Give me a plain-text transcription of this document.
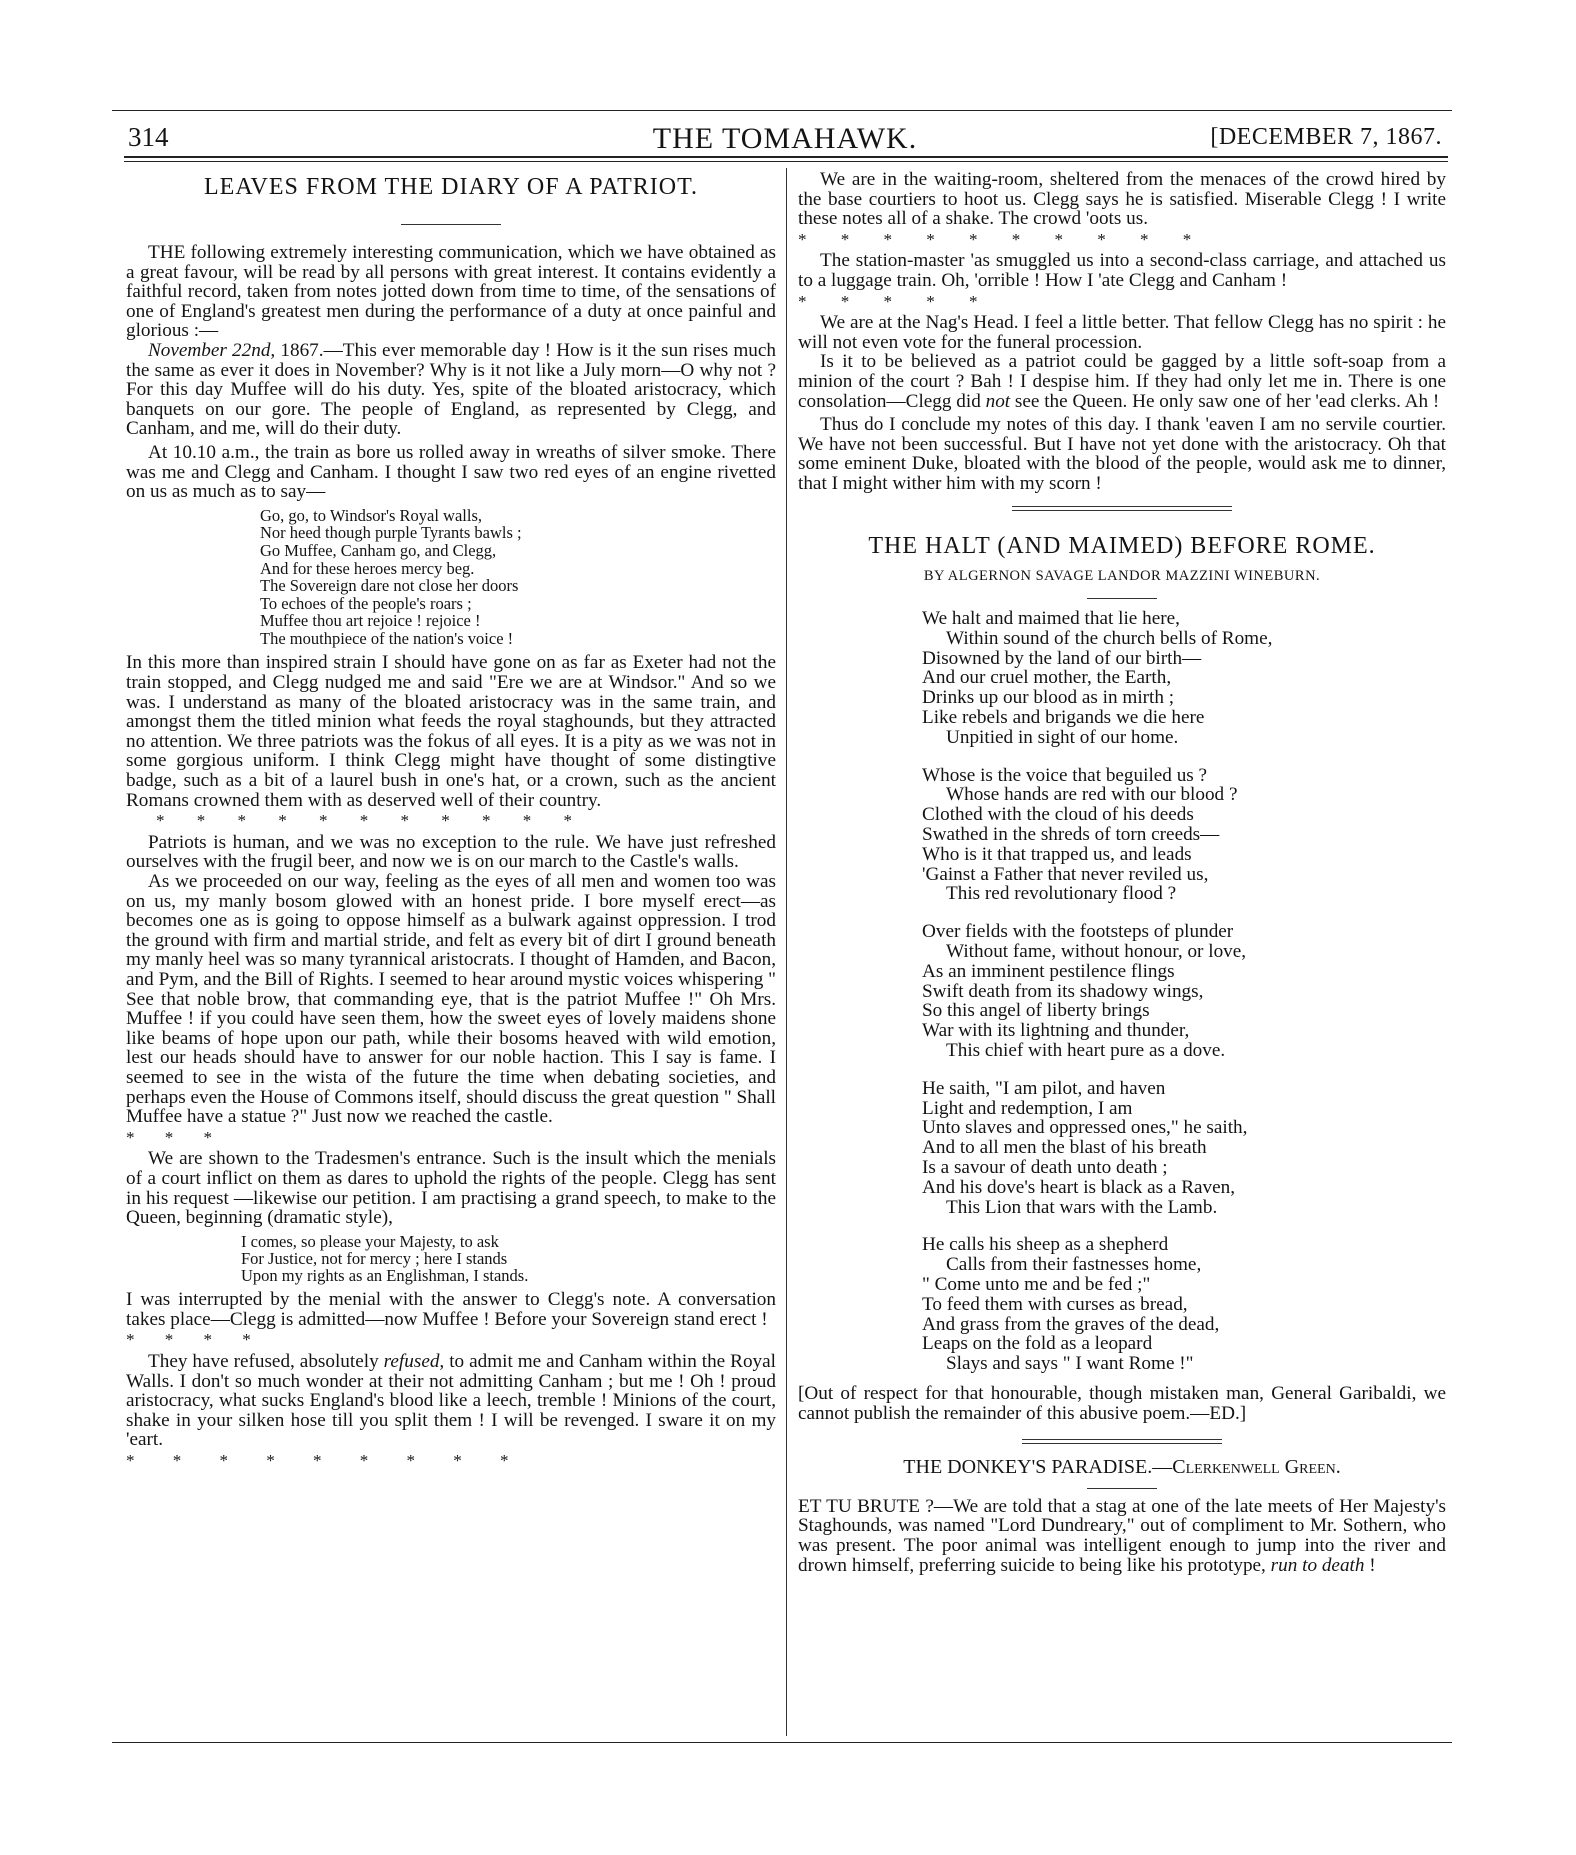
314	THE TOMAHAWK.	[DECEMBER 7, 1867.
LEAVES FROM THE DIARY OF A PATRIOT.

THE following extremely interesting communication, which we have obtained as a great favour, will be read by all persons with great interest. It contains evidently a faithful record, taken from notes jotted down from time to time, of the sensations of one of England's greatest men during the performance of a duty at once painful and glorious :—

November 22nd, 1867.—This ever memorable day ! How is it the sun rises much the same as ever it does in November? Why is it not like a July morn—O why not ? For this day Muffee will do his duty. Yes, spite of the bloated aristocracy, which banquets on our gore. The people of England, as represented by Clegg, and Canham, and me, will do their duty.

At 10.10 a.m., the train as bore us rolled away in wreaths of silver smoke. There was me and Clegg and Canham. I thought I saw two red eyes of an engine rivetted on us as much as to say—

Go, go, to Windsor's Royal walls,
Nor heed though purple Tyrants bawls ;
Go Muffee, Canham go, and Clegg,
And for these heroes mercy beg.
The Sovereign dare not close her doors
To echoes of the people's roars ;
Muffee thou art rejoice ! rejoice !
The mouthpiece of the nation's voice !

In this more than inspired strain I should have gone on as far as Exeter had not the train stopped, and Clegg nudged me and said "Ere we are at Windsor." And so we was. I understand as many of the bloated aristocracy was in the same train, and amongst them the titled minion what feeds the royal staghounds, but they attracted no attention. We three patriots was the fokus of all eyes. It is a pity as we was not in some gorgious uniform. I think Clegg might have thought of some distingtive badge, such as a bit of a laurel bush in one's hat, or a crown, such as the ancient Romans crowned them with as deserved well of their country.

* * * * * * * * * * *

Patriots is human, and we was no exception to the rule. We have just refreshed ourselves with the frugil beer, and now we is on our march to the Castle's walls.

As we proceeded on our way, feeling as the eyes of all men and women too was on us, my manly bosom glowed with an honest pride. I bore myself erect—as becomes one as is going to oppose himself as a bulwark against oppression. I trod the ground with firm and martial stride, and felt as every bit of dirt I ground beneath my manly heel was so many tyrannical aristocrats. I thought of Hamden, and Bacon, and Pym, and the Bill of Rights. I seemed to hear around mystic voices whispering " See that noble brow, that commanding eye, that is the patriot Muffee !" Oh Mrs. Muffee ! if you could have seen them, how the sweet eyes of lovely maidens shone like beams of hope upon our path, while their bosoms heaved with wild emotion, lest our heads should have to answer for our noble haction. This I say is fame. I seemed to see in the wista of the future the time when debating societies, and perhaps even the House of Commons itself, should discuss the great question " Shall Muffee have a statue ?" Just now we reached the castle.

* * *

We are shown to the Tradesmen's entrance. Such is the insult which the menials of a court inflict on them as dares to uphold the rights of the people. Clegg has sent in his request —likewise our petition. I am practising a grand speech, to make to the Queen, beginning (dramatic style),

I comes, so please your Majesty, to ask
For Justice, not for mercy ; here I stands
Upon my rights as an Englishman, I stands.

I was interrupted by the menial with the answer to Clegg's note. A conversation takes place—Clegg is admitted—now Muffee ! Before your Sovereign stand erect !

* * * *

They have refused, absolutely refused, to admit me and Canham within the Royal Walls. I don't so much wonder at their not admitting Canham ; but me ! Oh ! proud aristocracy, what sucks England's blood like a leech, tremble ! Minions of the court, shake in your silken hose till you split them ! I will be revenged. I sware it on my 'eart.

* * * * * * * * *

We are in the waiting-room, sheltered from the menaces of the crowd hired by the base courtiers to hoot us. Clegg says he is satisfied. Miserable Clegg ! I write these notes all of a shake. The crowd 'oots us.

* * * * * * * * * *

The station-master 'as smuggled us into a second-class carriage, and attached us to a luggage train. Oh, 'orrible ! How I 'ate Clegg and Canham !

* * * * *

We are at the Nag's Head. I feel a little better. That fellow Clegg has no spirit : he will not even vote for the funeral procession.

Is it to be believed as a patriot could be gagged by a little soft-soap from a minion of the court ? Bah ! I despise him. If they had only let me in. There is one consolation—Clegg did not see the Queen. He only saw one of her 'ead clerks. Ah !

Thus do I conclude my notes of this day. I thank 'eaven I am no servile courtier. We have not been successful. But I have not yet done with the aristocracy. Oh that some eminent Duke, bloated with the blood of the people, would ask me to dinner, that I might wither him with my scorn !

THE HALT (AND MAIMED) BEFORE ROME.
BY ALGERNON SAVAGE LANDOR MAZZINI WINEBURN.
We halt and maimed that lie here,
Within sound of the church bells of Rome,
Disowned by the land of our birth—
And our cruel mother, the Earth,
Drinks up our blood as in mirth ;
Like rebels and brigands we die here
Unpitied in sight of our home.
Whose is the voice that beguiled us ?
Whose hands are red with our blood ?
Clothed with the cloud of his deeds
Swathed in the shreds of torn creeds—
Who is it that trapped us, and leads
'Gainst a Father that never reviled us,
This red revolutionary flood ?
Over fields with the footsteps of plunder
Without fame, without honour, or love,
As an imminent pestilence flings
Swift death from its shadowy wings,
So this angel of liberty brings
War with its lightning and thunder,
This chief with heart pure as a dove.
He saith, "I am pilot, and haven
Light and redemption, I am
Unto slaves and oppressed ones," he saith,
And to all men the blast of his breath
Is a savour of death unto death ;
And his dove's heart is black as a Raven,
This Lion that wars with the Lamb.
He calls his sheep as a shepherd
Calls from their fastnesses home,
" Come unto me and be fed ;"
To feed them with curses as bread,
And grass from the graves of the dead,
Leaps on the fold as a leopard
Slays and says " I want Rome !"

[Out of respect for that honourable, though mistaken man, General Garibaldi, we cannot publish the remainder of this abusive poem.—ED.]

THE DONKEY'S PARADISE.—Clerkenwell Green.

ET TU BRUTE ?—We are told that a stag at one of the late meets of Her Majesty's Staghounds, was named "Lord Dundreary," out of compliment to Mr. Sothern, who was present. The poor animal was intelligent enough to jump into the river and drown himself, preferring suicide to being like his prototype, run to death !
